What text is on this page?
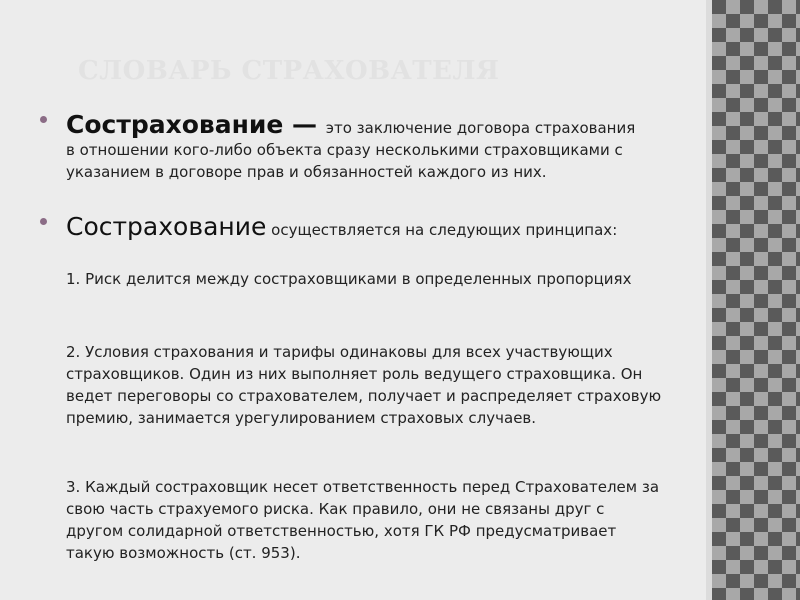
СЛОВАРЬ СТРАХОВАТЕЛЯ
Сострахование — это заключение договора страхования в отношении кого-либо объекта сразу несколькими страховщиками с указанием в договоре прав и обязанностей каждого из них.
Сострахование осуществляется на следующих принципах:
1. Риск делится между состраховщиками в определенных пропорциях
2. Условия страхования и тарифы одинаковы для всех участвующих страховщиков. Один из них выполняет роль ведущего страховщика. Он ведет переговоры со страхователем, получает и распределяет страховую премию, занимается урегулированием страховых случаев.
3. Каждый состраховщик несет ответственность перед Страхователем за свою часть страхуемого риска. Как правило, они не связаны друг с другом солидарной ответственностью, хотя ГК РФ предусматривает такую возможность (ст. 953).
